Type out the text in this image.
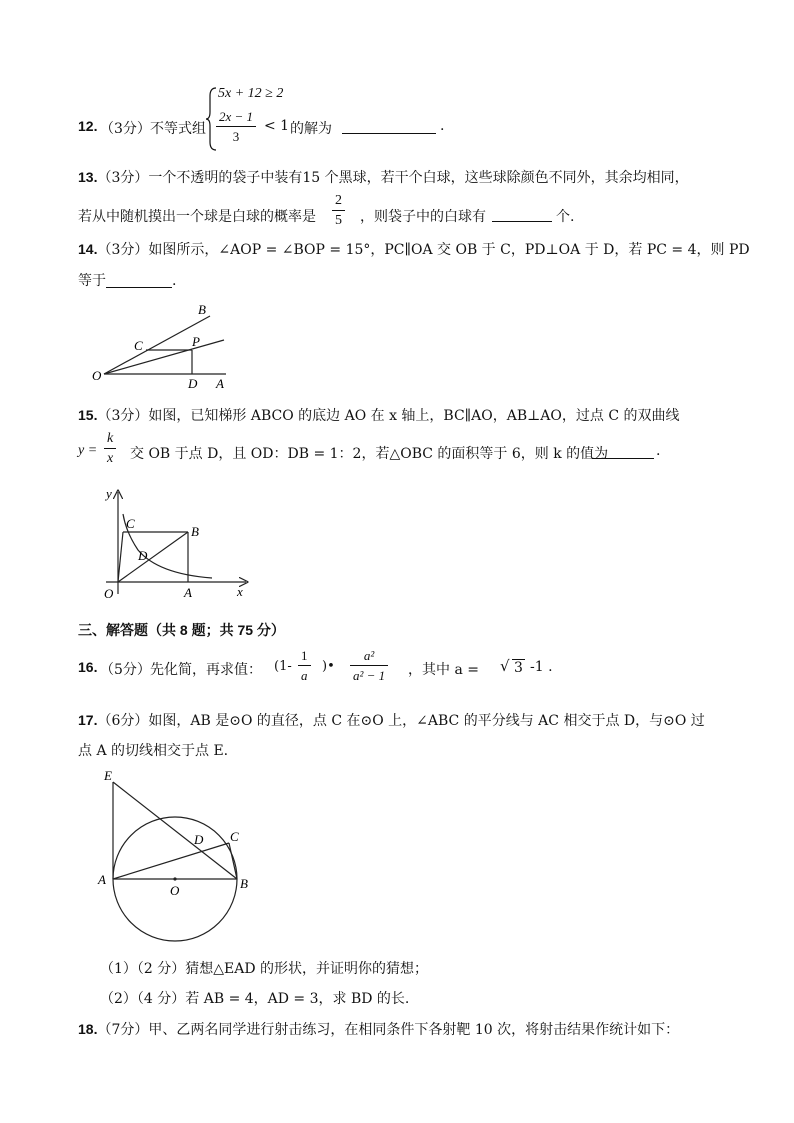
12. （3分） 不等式组
5x + 12 ≥ 2
$\frac{2x - 1}{3} < 1$ 的解为	.
13.（3分）一个不透明的袋子中装有15 个黑球，若干个白球，这些球除颜色不同外，其余均相同，
若从中随机摸出一个球是白球的概率是 $\frac{2}{5}$ ，则袋子中的白球有	个.
14.（3分）如图所示，∠AOP = ∠BOP = 15°，PC∥OA 交 OB 于 C，PD⊥OA 于 D，若 PC = 4，则 PD
等于	.
B
C	P
O
D A
15.（3分）如图，已知梯形 ABCO 的底边 AO 在 x 轴上，BC∥AO，AB⊥AO，过点 C 的双曲线
$y = \frac{k}{x}$ 交 OB 于点 D，且 OD：DB = 1：2，若△OBC 的面积等于 6，则 k 的值为	.
y
x
C
B
D
O	A
三、解答题（共 8 题；共 75 分）
16. （5分） 先化简，再求值： ($1- \frac{1}{a}$ )• $\frac{\text{a²}}{\text{a² − 1}}$ ，其中 a = √ 3 -1 .
17.（6分）如图，AB 是⊙O 的直径，点 C 在⊙O 上，∠ABC 的平分线与 AC 相交于点 D，与⊙O 过
点 A 的切线相交于点 E.
E
D C
A
O	B
（1）（2 分）猜想△EAD 的形状，并证明你的猜想；
（2）（4 分）若 AB = 4，AD = 3，求 BD 的长.
18.（7分）甲、乙两名同学进行射击练习，在相同条件下各射靶 10 次，将射击结果作统计如下：
